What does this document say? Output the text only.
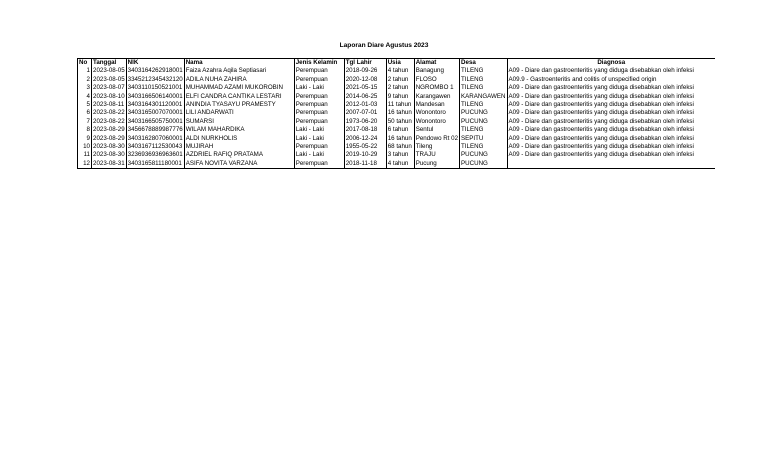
Laporan Diare Agustus 2023
No	Tanggal	NIK	Nama	Jenis Kelamin	Tgl Lahir	Usia	Alamat	Desa	Diagnosa
1	2023-08-05	3403164262918001	Faiza Azahra Aqila Septiasari	Perempuan	2018-09-26	4 tahun	Banagung	TILENG	A09 - Diare dan gastroenteritis yang diduga disebabkan oleh infeksi
2	2023-08-05	3345212345432120	ADILA NUHA ZAHIRA	Perempuan	2020-12-08	2 tahun	FLOSO	TILENG	A09.9 - Gastroenteritis and colitis of unspecified origin
3	2023-08-07	3403110150521001	MUHAMMAD AZAMI MUKOROBIN	Laki - Laki	2021-05-15	2 tahun	NGROMBO 1	TILENG	A09 - Diare dan gastroenteritis yang diduga disebabkan oleh infeksi
4	2023-08-10	3403166506140001	ELFI CANDRA CANTIKA LESTARI	Perempuan	2014-06-25	9 tahun	Karangawen	KARANGAWEN	A09 - Diare dan gastroenteritis yang diduga disebabkan oleh infeksi
5	2023-08-11	3403164301120001	ANINDIA TYASAYU PRAMESTY	Perempuan	2012-01-03	11 tahun	Mandesan	TILENG	A09 - Diare dan gastroenteritis yang diduga disebabkan oleh infeksi
6	2023-08-22	3403165007070001	LILI ANDARWATI	Perempuan	2007-07-01	16 tahun	Wonontoro	PUCUNG	A09 - Diare dan gastroenteritis yang diduga disebabkan oleh infeksi
7	2023-08-22	3403166505750001	SUMARSI	Perempuan	1973-06-20	50 tahun	Wonontoro	PUCUNG	A09 - Diare dan gastroenteritis yang diduga disebabkan oleh infeksi
8	2023-08-29	3456678889987776	WILAM MAHARDIKA	Laki - Laki	2017-08-18	6 tahun	Sentul	TILENG	A09 - Diare dan gastroenteritis yang diduga disebabkan oleh infeksi
9	2023-08-29	3403162807060001	ALDI NURKHOLIS	Laki - Laki	2006-12-24	16 tahun	Pendowo Rt 02	SEPITU	A09 - Diare dan gastroenteritis yang diduga disebabkan oleh infeksi
10	2023-08-30	3403167112530043	MUJIRAH	Perempuan	1955-05-22	68 tahun	Tileng	TILENG	A09 - Diare dan gastroenteritis yang diduga disebabkan oleh infeksi
11	2023-08-30	3236936936963601	AZDRIEL RAFIQ PRATAMA	Laki - Laki	2019-10-29	3 tahun	TRAJU	PUCUNG	A09 - Diare dan gastroenteritis yang diduga disebabkan oleh infeksi
12	2023-08-31	3403165811180001	ASIFA NOVITA VARZANA	Perempuan	2018-11-18	4 tahun	Pucung	PUCUNG	
